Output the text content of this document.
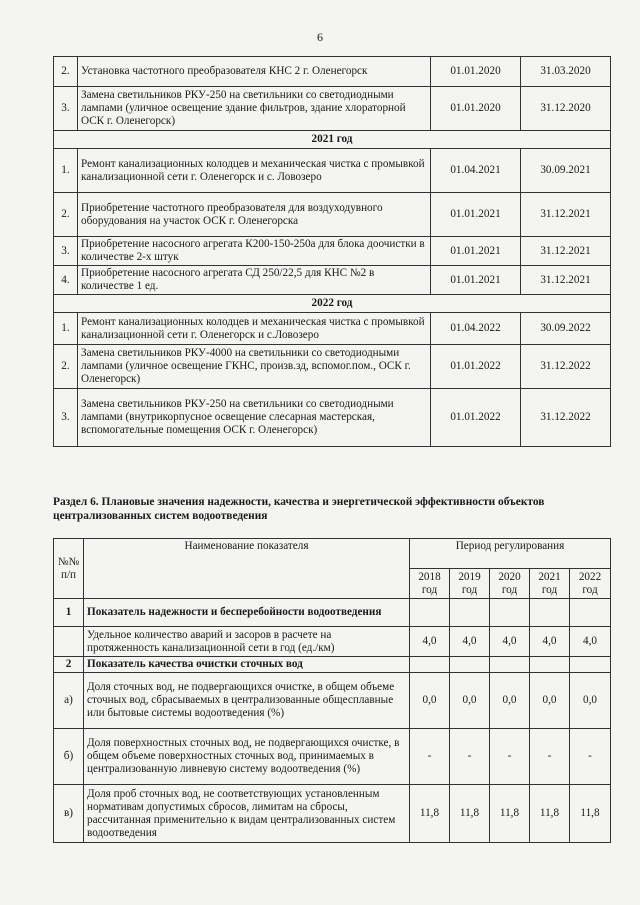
6
2.	Установка частотного преобразователя КНС 2 г. Оленегорск	01.01.2020	31.03.2020
3.	Замена светильников РКУ-250 на светильники со светодиодными лампами (уличное освещение здание фильтров, здание хлораторной ОСК г. Оленегорск)	01.01.2020	31.12.2020
2021 год			
1.	Ремонт канализационных колодцев и механическая чистка с промывкой канализационной сети г. Оленегорск и с. Ловозеро	01.04.2021	30.09.2021
2.	Приобретение частотного преобразователя для воздуходувного оборудования на участок ОСК г. Оленегорска	01.01.2021	31.12.2021
3.	Приобретение насосного агрегата К200-150-250а для блока доочистки в количестве 2-х штук	01.01.2021	31.12.2021
4.	Приобретение насосного агрегата СД 250/22,5 для КНС №2 в количестве 1 ед.	01.01.2021	31.12.2021
2022 год			
1.	Ремонт канализационных колодцев и механическая чистка с промывкой канализационной сети г. Оленегорск и с.Ловозеро	01.04.2022	30.09.2022
2.	Замена светильников РКУ-4000 на светильники со светодиодными лампами (уличное освещение ГКНС, произв.зд, вспомог.пом., ОСК г. Оленегорск)	01.01.2022	31.12.2022
3.	Замена светильников РКУ-250 на светильники со светодиодными лампами (внутрикорпусное освещение слесарная мастерская, вспомогательные помещения ОСК г. Оленегорск)	01.01.2022	31.12.2022
Раздел 6. Плановые значения надежности, качества и энергетической эффективности объектов централизованных систем водоотведения
№№ п/п	Наименование показателя	Период регулирования				
		2018 год	2019 год	2020 год	2021 год	2022 год
1	Показатель надежности и бесперебойности водоотведения					
	Удельное количество аварий и засоров в расчете на протяженность канализационной сети в год (ед./км)	4,0	4,0	4,0	4,0	4,0
2	Показатель качества очистки сточных вод					
а)	Доля сточных вод, не подвергающихся очистке, в общем объеме сточных вод, сбрасываемых в централизованные общесплавные или бытовые системы водоотведения (%)	0,0	0,0	0,0	0,0	0,0
б)	Доля поверхностных сточных вод, не подвергающихся очистке, в общем объеме поверхностных сточных вод, принимаемых в централизованную ливневую систему водоотведения (%)	-	-	-	-	-
в)	Доля проб сточных вод, не соответствующих установленным нормативам допустимых сбросов, лимитам на сбросы, рассчитанная применительно к видам централизованных систем водоотведения	11,8	11,8	11,8	11,8	11,8
